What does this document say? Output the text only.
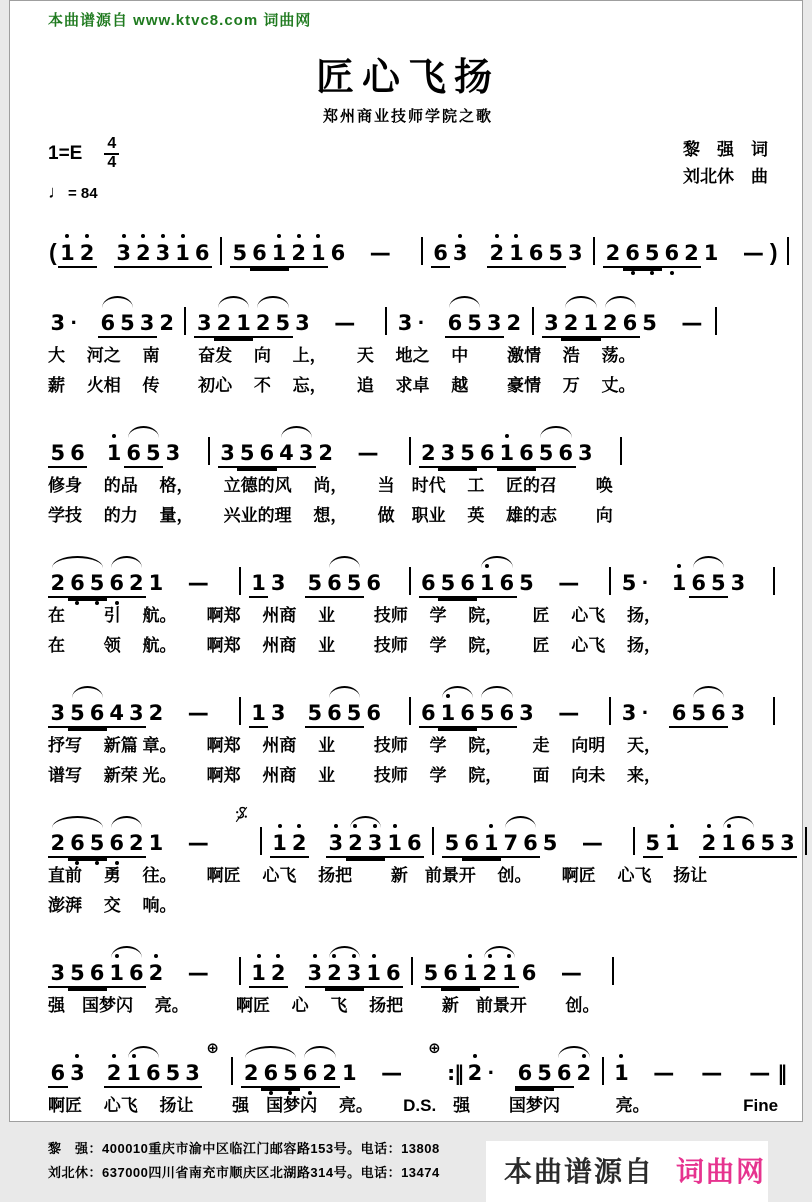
本曲谱源自 www.ktvc8.com 词曲网
匠心飞扬
郑州商业技师学院之歌
$1=E \frac{4}{4}$
♩ = 84
黎　强　词
刘北休　曲
( 1 2 3 2 3 1 6 5 6 1 2 1 6 — 6 3 2 1 6 5 3 2 6 5 6 2 1 — )
3 · 6 5 3 2 3 2 1 2 5 3 — 3 · 6 5 3 2 3 2 1 2 6 5 —
大　 河之 　南　 　奋发 　向　 上，　 　天　 地之 　中　 　激情 　浩　 荡。
薪　 火相 　传　 　初心 　不　 忘，　 　追　 求卓 　越　 　豪情 　万　 丈。
5 6 1 6 5 3 3 5 6 4 3 2 — 2 3 5 6 1 6 5 6 3
修身 　的品 　格，　 　立德的风 　尚，　 　当　时代 　工　 匠的召　 　唤
学技 　的力 　量，　 　兴业的理 　想，　 　做　职业 　英　 雄的志　 　向
2 6 5 6 2 1 — 1 3 5 6 5 6 6 5 6 1 6 5 — 5 · 1 6 5 3
在　 　引　 航。　 　啊郑 　州商 　业　 　技师 　学　 院，　 　匠　 心飞 　扬，
在　 　领　 航。　 　啊郑 　州商 　业　 　技师 　学　 院，　 　匠　 心飞 　扬，
3 5 6 4 3 2 — 1 3 5 6 5 6 6 1 6 5 6 3 — 3 · 6 5 6 3
抒写 　新篇 章。　 　啊郑 　州商 　业　 　技师 　学　 院，　 　走　 向明 　天，
谱写 　新荣 光。　 　啊郑 　州商 　业　 　技师 　学　 院，　 　面　 向未 　来，
2 6 5 6 2 1 —	1 2 3 2 3 1 6 5 6 1 7 6 5 — 5 1 2 1 6 5 3
直前 　勇　 往。　 　啊匠 　心飞 　扬把 　　新　前景开 　创。　 　啊匠 　心飞 　扬让
澎湃 　交　 响。
3 5 6 1 6 2 — 1 2 3 2 3 1 6 5 6 1 2 1 6 —
强　国梦闪 　亮。　　 　啊匠 　心　 飞　 扬把 　　新　前景开 　　创。
6 3 2 1 6 5 3⊕2 6 5 6 2 1 —⊕:‖ 2 · 6 5 6 2 1 — — — ‖
啊匠 　心飞 　扬让 　　强　国梦闪 　亮。　 　D.S.　强　 　国梦闪 　　　亮。　　　　　　Fine
黎　强：400010重庆市渝中区临江门邮容路153号。电话：13808
刘北休：637000四川省南充市顺庆区北湖路314号。电话：13474	本曲谱源自 词曲网
